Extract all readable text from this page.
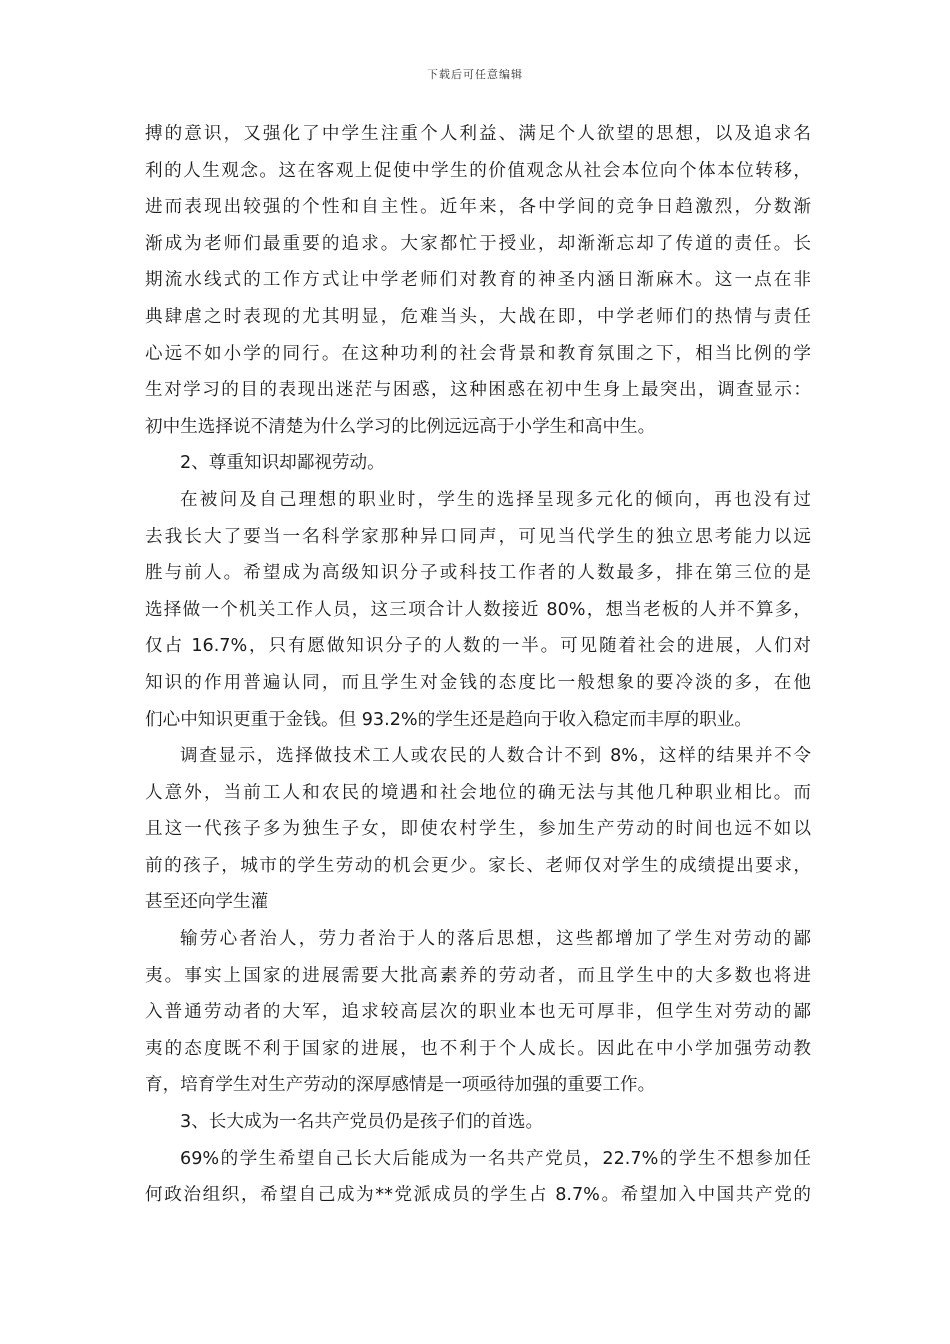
下载后可任意编辑
搏的意识，又强化了中学生注重个人利益、满足个人欲望的思想，以及追求名
利的人生观念。这在客观上促使中学生的价值观念从社会本位向个体本位转移，
进而表现出较强的个性和自主性。近年来，各中学间的竞争日趋激烈，分数渐
渐成为老师们最重要的追求。大家都忙于授业，却渐渐忘却了传道的责任。长
期流水线式的工作方式让中学老师们对教育的神圣内涵日渐麻木。这一点在非
典肆虐之时表现的尤其明显，危难当头，大战在即，中学老师们的热情与责任
心远不如小学的同行。在这种功利的社会背景和教育氛围之下，相当比例的学
生对学习的目的表现出迷茫与困惑，这种困惑在初中生身上最突出，调查显示：
初中生选择说不清楚为什么学习的比例远远高于小学生和高中生。
2、尊重知识却鄙视劳动。
在被问及自己理想的职业时，学生的选择呈现多元化的倾向，再也没有过
去我长大了要当一名科学家那种异口同声，可见当代学生的独立思考能力以远
胜与前人。希望成为高级知识分子或科技工作者的人数最多，排在第三位的是
选择做一个机关工作人员，这三项合计人数接近 80%，想当老板的人并不算多，
仅占 16.7%，只有愿做知识分子的人数的一半。可见随着社会的进展，人们对
知识的作用普遍认同，而且学生对金钱的态度比一般想象的要冷淡的多，在他
们心中知识更重于金钱。但 93.2%的学生还是趋向于收入稳定而丰厚的职业。
调查显示，选择做技术工人或农民的人数合计不到 8%，这样的结果并不令
人意外，当前工人和农民的境遇和社会地位的确无法与其他几种职业相比。而
且这一代孩子多为独生子女，即使农村学生，参加生产劳动的时间也远不如以
前的孩子，城市的学生劳动的机会更少。家长、老师仅对学生的成绩提出要求，
甚至还向学生灌
输劳心者治人，劳力者治于人的落后思想，这些都增加了学生对劳动的鄙
夷。事实上国家的进展需要大批高素养的劳动者，而且学生中的大多数也将进
入普通劳动者的大军，追求较高层次的职业本也无可厚非，但学生对劳动的鄙
夷的态度既不利于国家的进展，也不利于个人成长。因此在中小学加强劳动教
育，培育学生对生产劳动的深厚感情是一项亟待加强的重要工作。
3、长大成为一名共产党员仍是孩子们的首选。
69%的学生希望自己长大后能成为一名共产党员，22.7%的学生不想参加任
何政治组织，希望自己成为**党派成员的学生占 8.7%。希望加入中国共产党的
